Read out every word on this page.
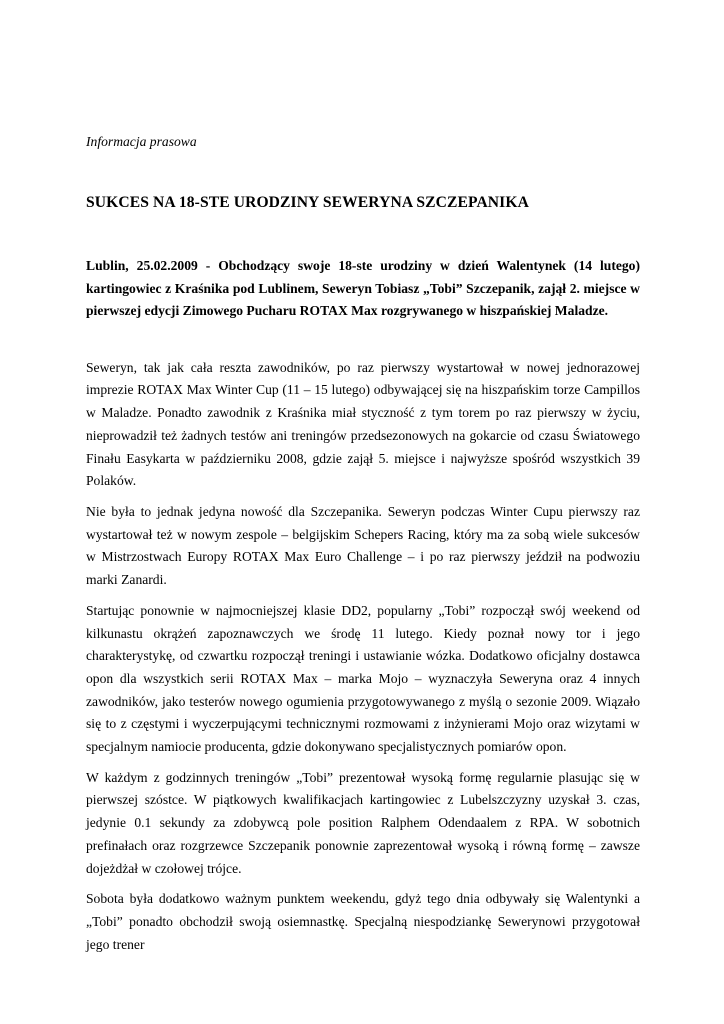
Informacja prasowa

SUKCES NA 18-STE URODZINY SEWERYNA SZCZEPANIKA

Lublin, 25.02.2009 - Obchodzący swoje 18-ste urodziny w dzień Walentynek (14 lutego) kartingowiec z Kraśnika pod Lublinem, Seweryn Tobiasz „Tobi” Szczepanik, zajął 2. miejsce w pierwszej edycji Zimowego Pucharu ROTAX Max rozgrywanego w hiszpańskiej Maladze.

Seweryn, tak jak cała reszta zawodników, po raz pierwszy wystartował w nowej jednorazowej imprezie ROTAX Max Winter Cup (11 – 15 lutego) odbywającej się na hiszpańskim torze Campillos w Maladze. Ponadto zawodnik z Kraśnika miał styczność z tym torem po raz pierwszy w życiu, nieprowadził też żadnych testów ani treningów przedsezonowych na gokarcie od czasu Światowego Finału Easykarta w październiku 2008, gdzie zajął 5. miejsce i najwyższe spośród wszystkich 39 Polaków.

Nie była to jednak jedyna nowość dla Szczepanika. Seweryn podczas Winter Cupu pierwszy raz wystartował też w nowym zespole – belgijskim Schepers Racing, który ma za sobą wiele sukcesów w Mistrzostwach Europy ROTAX Max Euro Challenge – i po raz pierwszy jeździł na podwoziu marki Zanardi.

Startując ponownie w najmocniejszej klasie DD2, popularny „Tobi” rozpoczął swój weekend od kilkunastu okrążeń zapoznawczych we środę 11 lutego. Kiedy poznał nowy tor i jego charakterystykę, od czwartku rozpoczął treningi i ustawianie wózka. Dodatkowo oficjalny dostawca opon dla wszystkich serii ROTAX Max – marka Mojo – wyznaczyła Seweryna oraz 4 innych zawodników, jako testerów nowego ogumienia przygotowywanego z myślą o sezonie 2009. Wiązało się to z częstymi i wyczerpującymi technicznymi rozmowami z inżynierami Mojo oraz wizytami w specjalnym namiocie producenta, gdzie dokonywano specjalistycznych pomiarów opon.

W każdym z godzinnych treningów „Tobi” prezentował wysoką formę regularnie plasując się w pierwszej szóstce. W piątkowych kwalifikacjach kartingowiec z Lubelszczyzny uzyskał 3. czas, jedynie 0.1 sekundy za zdobywcą pole position Ralphem Odendaalem z RPA. W sobotnich prefinałach oraz rozgrzewce Szczepanik ponownie zaprezentował wysoką i równą formę – zawsze dojeżdżał w czołowej trójce.

Sobota była dodatkowo ważnym punktem weekendu, gdyż tego dnia odbywały się Walentynki a „Tobi” ponadto obchodził swoją osiemnastkę. Specjalną niespodziankę Sewerynowi przygotował jego trener
